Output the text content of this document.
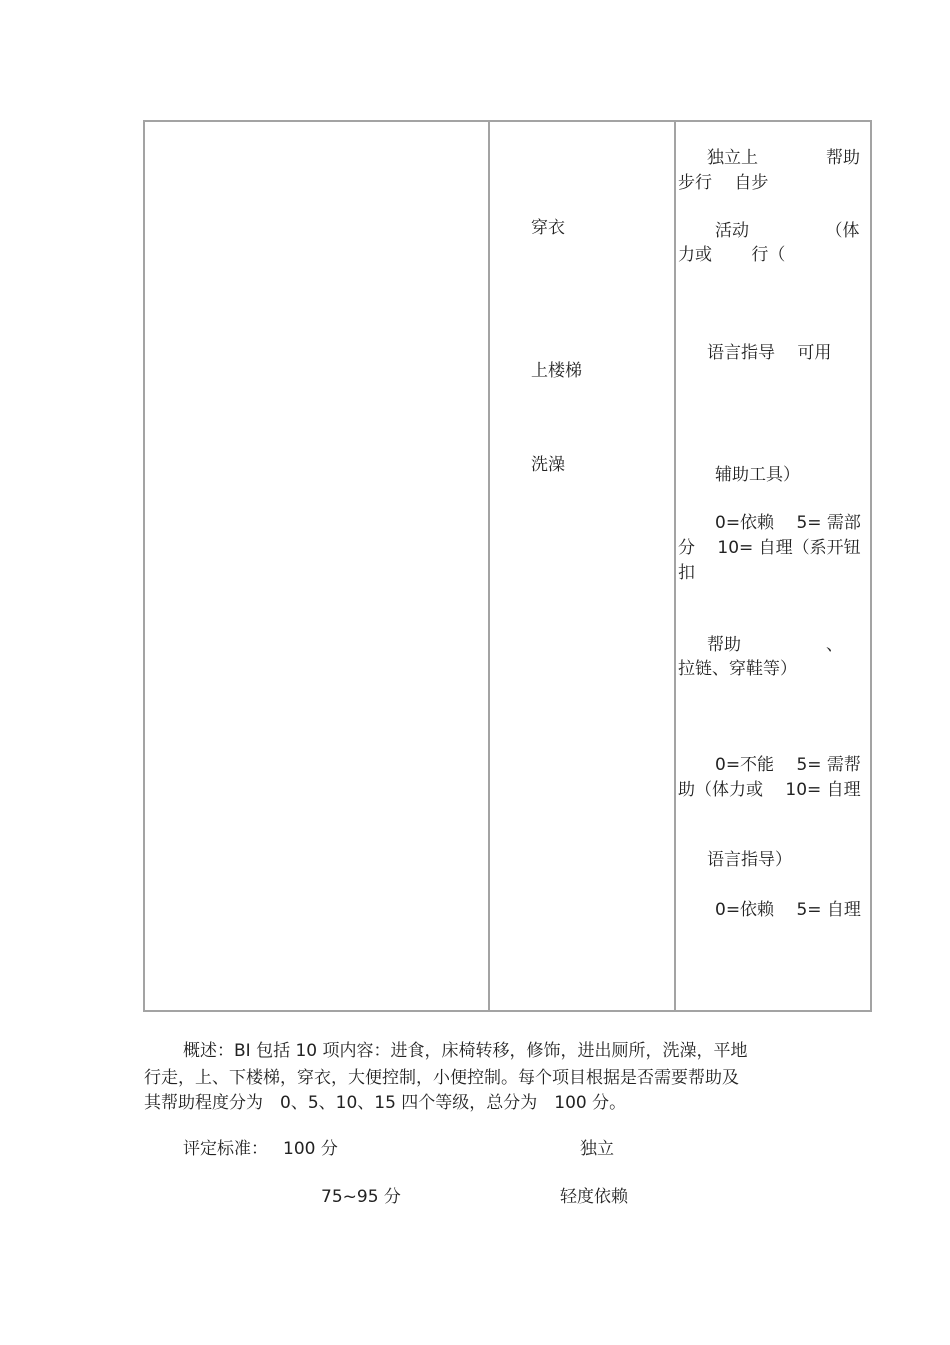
穿衣
上楼梯
洗澡
独立上　　　　帮助
步行　 自步
活动　　　　　（体
力或　　 行（
语言指导　 可用
辅助工具）
0=依赖　 5= 需部
分　 10= 自理（系开钮
扣
帮助　　　　　、
拉链、穿鞋等）
0=不能　 5= 需帮
助（体力或　 10= 自理
语言指导）
0=依赖　 5= 自理
概述：BI 包括 10 项内容：进食，床椅转移，修饰，进出厕所，洗澡，平地
行走，上、下楼梯，穿衣，大便控制，小便控制。每个项目根据是否需要帮助及
其帮助程度分为　0、5、10、15 四个等级，总分为　100 分。
评定标准： 100 分	独立
75~95 分	轻度依赖
